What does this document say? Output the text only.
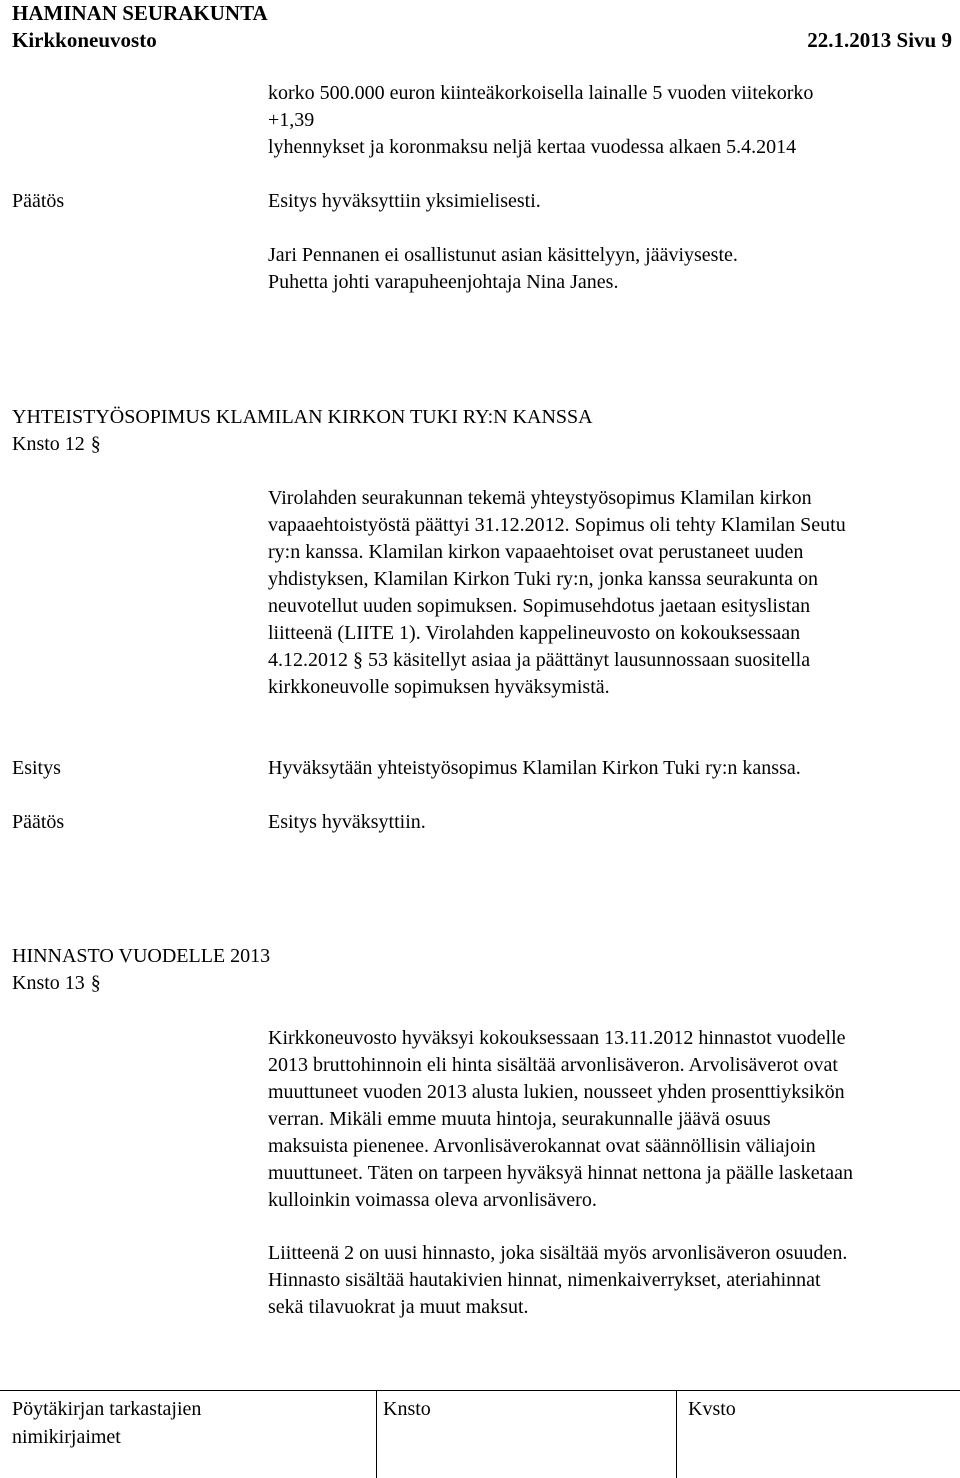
HAMINAN SEURAKUNTA
Kirkkoneuvosto	22.1.2013 Sivu 9
korko 500.000 euron kiinteäkorkoisella lainalle 5 vuoden viitekorko
+1,39
lyhennykset ja koronmaksu neljä kertaa vuodessa alkaen 5.4.2014
Päätös	Esitys hyväksyttiin yksimielisesti.
Jari Pennanen ei osallistunut asian käsittelyyn, jääviyseste.
Puhetta johti varapuheenjohtaja Nina Janes.
YHTEISTYÖSOPIMUS KLAMILAN KIRKON TUKI RY:N KANSSA
Knsto 12 §
Virolahden seurakunnan tekemä yhteystyösopimus Klamilan kirkon
vapaaehtoistyöstä päättyi 31.12.2012. Sopimus oli tehty Klamilan Seutu
ry:n kanssa. Klamilan kirkon vapaaehtoiset ovat perustaneet uuden
yhdistyksen, Klamilan Kirkon Tuki ry:n, jonka kanssa seurakunta on
neuvotellut uuden sopimuksen. Sopimusehdotus jaetaan esityslistan
liitteenä (LIITE 1). Virolahden kappelineuvosto on kokouksessaan
4.12.2012 § 53 käsitellyt asiaa ja päättänyt lausunnossaan suositella
kirkkoneuvolle sopimuksen hyväksymistä.
Esitys	Hyväksytään yhteistyösopimus Klamilan Kirkon Tuki ry:n kanssa.
Päätös	Esitys hyväksyttiin.
HINNASTO VUODELLE 2013
Knsto 13 §
Kirkkoneuvosto hyväksyi kokouksessaan 13.11.2012 hinnastot vuodelle
2013 bruttohinnoin eli hinta sisältää arvonlisäveron. Arvolisäverot ovat
muuttuneet vuoden 2013 alusta lukien, nousseet yhden prosenttiyksikön
verran. Mikäli emme muuta hintoja, seurakunnalle jäävä osuus
maksuista pienenee. Arvonlisäverokannat ovat säännöllisin väliajoin
muuttuneet. Täten on tarpeen hyväksyä hinnat nettona ja päälle lasketaan
kulloinkin voimassa oleva arvonlisävero.
Liitteenä 2 on uusi hinnasto, joka sisältää myös arvonlisäveron osuuden.
Hinnasto sisältää hautakivien hinnat, nimenkaiverrykset, ateriahinnat
sekä tilavuokrat ja muut maksut.
Pöytäkirjan tarkastajien
nimikirjaimet
Knsto	Kvsto
